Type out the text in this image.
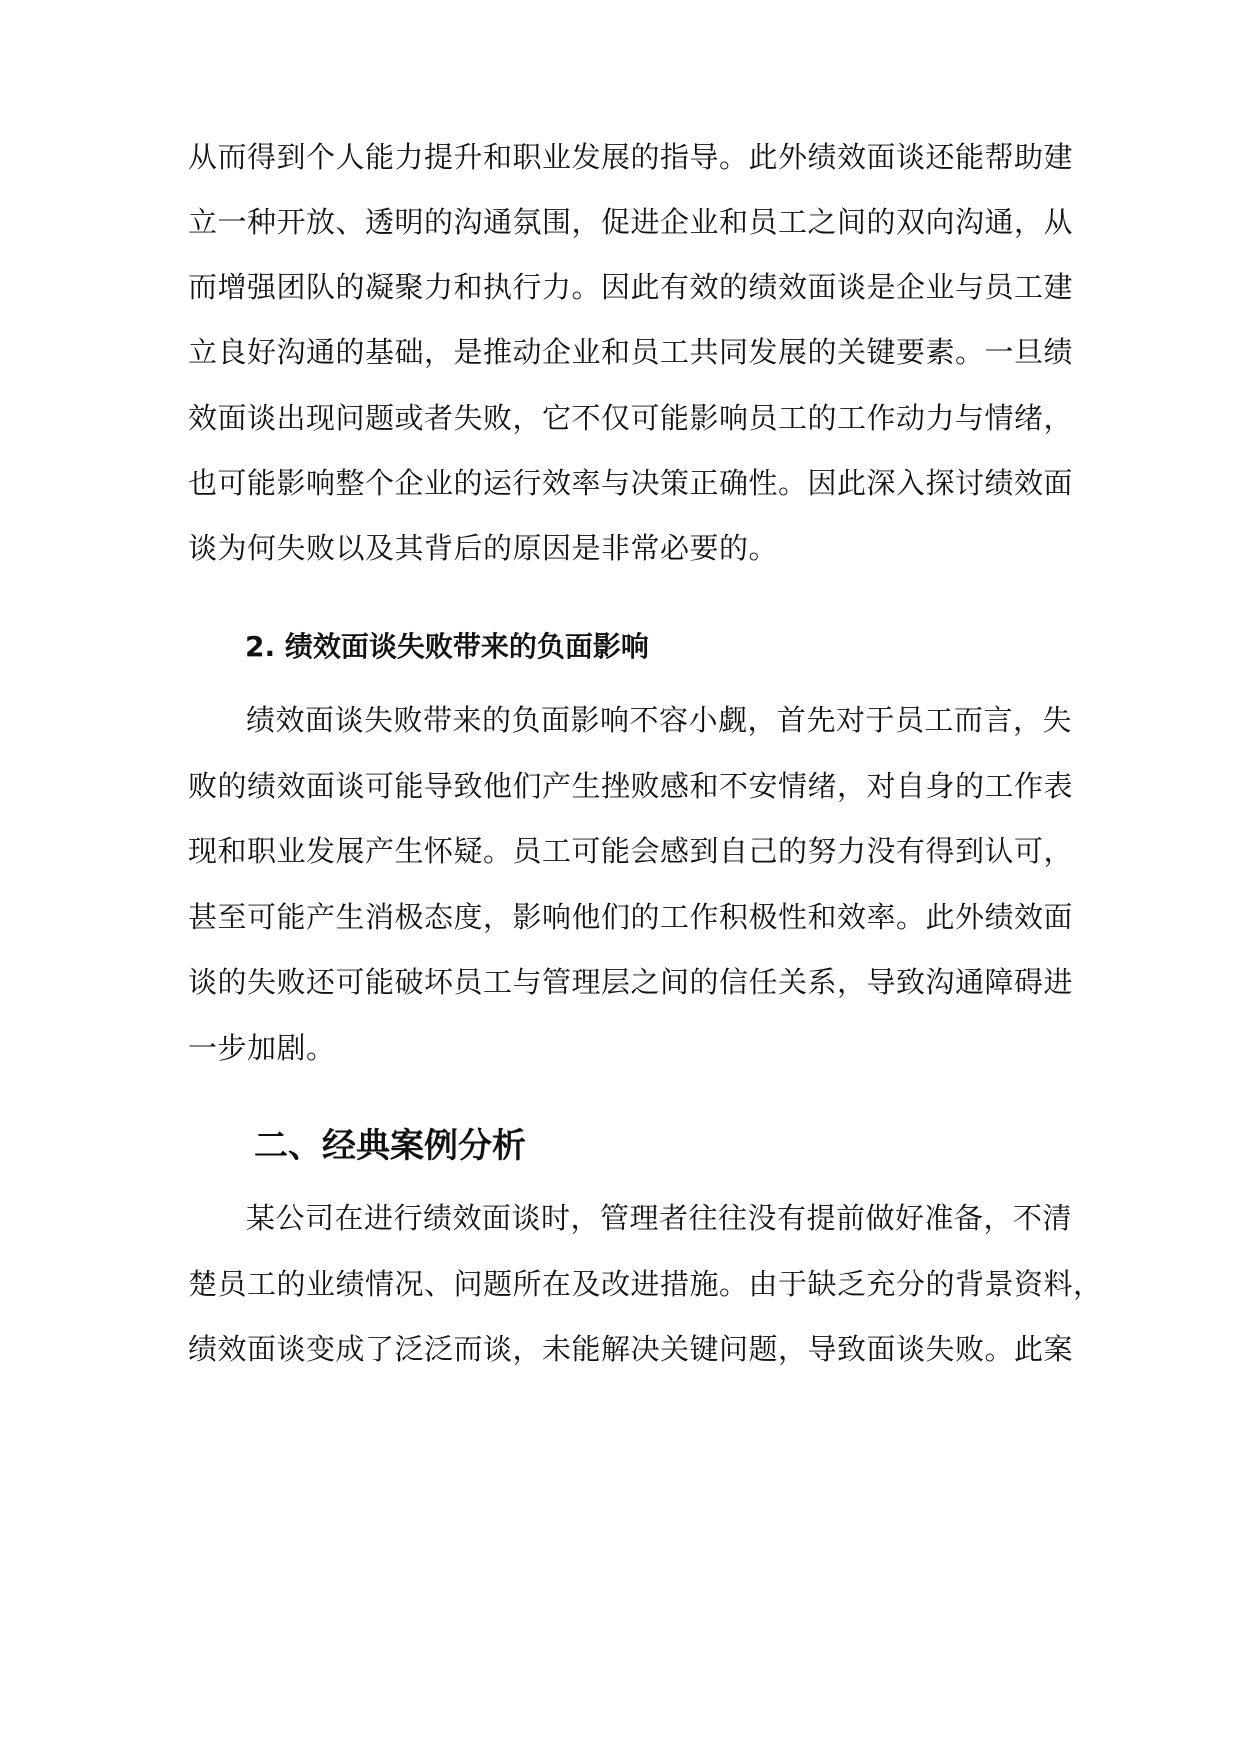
从而得到个人能力提升和职业发展的指导。此外绩效面谈还能帮助建
立一种开放、透明的沟通氛围，促进企业和员工之间的双向沟通，从
而增强团队的凝聚力和执行力。因此有效的绩效面谈是企业与员工建
立良好沟通的基础，是推动企业和员工共同发展的关键要素。一旦绩
效面谈出现问题或者失败，它不仅可能影响员工的工作动力与情绪，
也可能影响整个企业的运行效率与决策正确性。因此深入探讨绩效面
谈为何失败以及其背后的原因是非常必要的。
2. 绩效面谈失败带来的负面影响
绩效面谈失败带来的负面影响不容小觑，首先对于员工而言，失
败的绩效面谈可能导致他们产生挫败感和不安情绪，对自身的工作表
现和职业发展产生怀疑。员工可能会感到自己的努力没有得到认可，
甚至可能产生消极态度，影响他们的工作积极性和效率。此外绩效面
谈的失败还可能破坏员工与管理层之间的信任关系，导致沟通障碍进
一步加剧。
二、经典案例分析
某公司在进行绩效面谈时，管理者往往没有提前做好准备，不清
楚员工的业绩情况、问题所在及改进措施。由于缺乏充分的背景资料，
绩效面谈变成了泛泛而谈，未能解决关键问题，导致面谈失败。此案
